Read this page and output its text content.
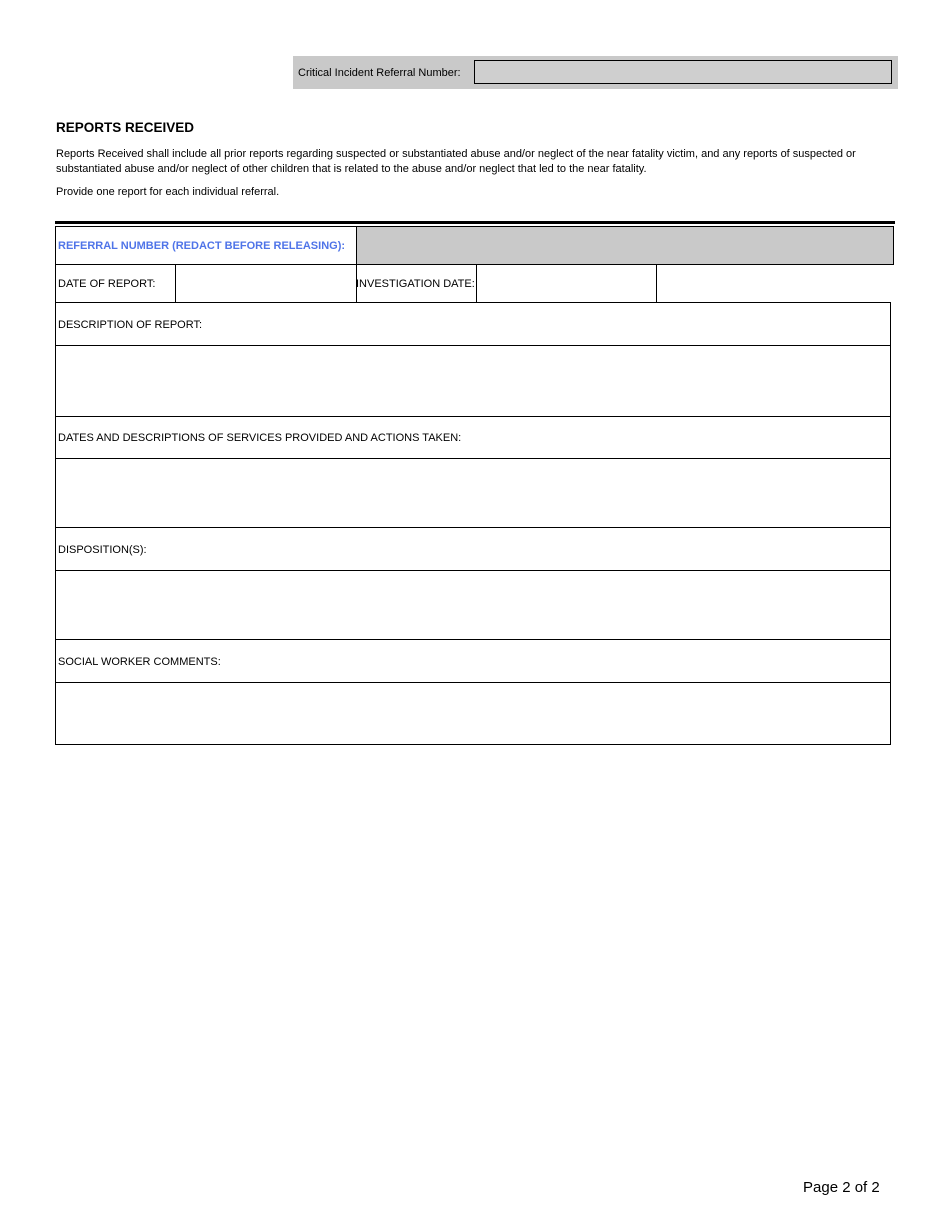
Critical Incident Referral Number:
REPORTS RECEIVED
Reports Received shall include all prior reports regarding suspected or substantiated abuse and/or neglect of the near fatality victim, and any reports of suspected or substantiated abuse and/or neglect of other children that is related to the abuse and/or neglect that led to the near fatality.
Provide one report for each individual referral.
REFERRAL NUMBER (REDACT BEFORE RELEASING):
DATE OF REPORT:	INVESTIGATION DATE:
DESCRIPTION OF REPORT:
DATES AND DESCRIPTIONS OF SERVICES PROVIDED AND ACTIONS TAKEN:
DISPOSITION(S):
SOCIAL WORKER COMMENTS:
Page 2 of 2
